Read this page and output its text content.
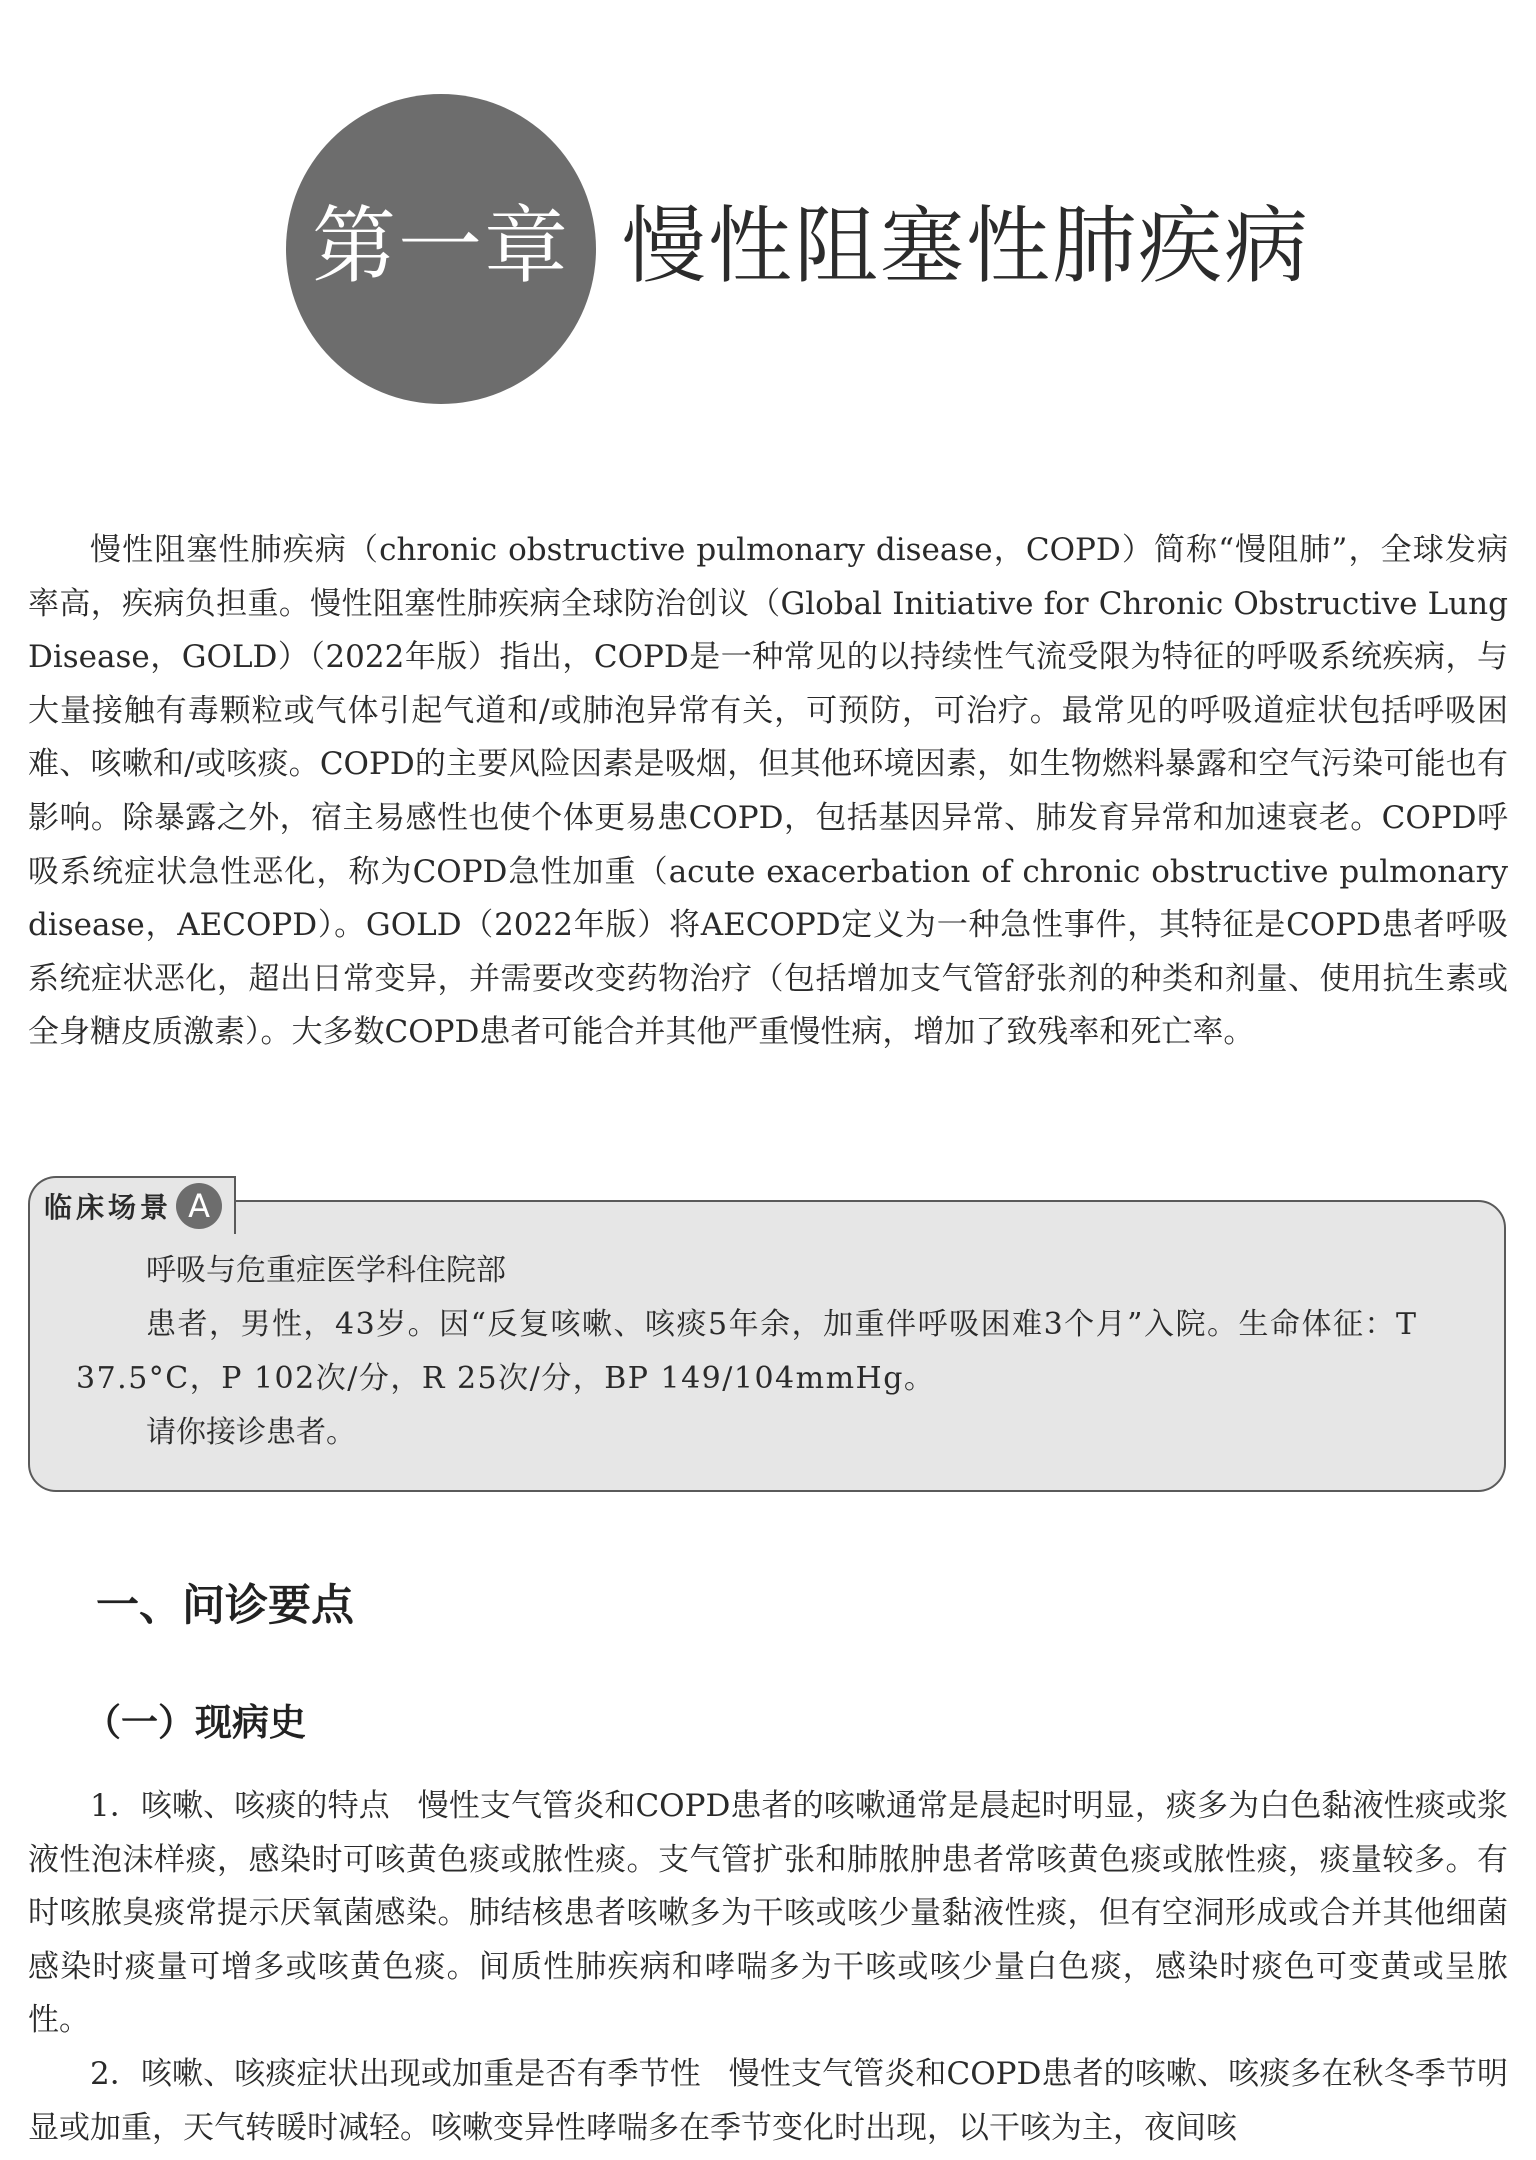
第一章 慢性阻塞性肺疾病

慢性阻塞性肺疾病（chronic obstructive pulmonary disease，COPD）简称“慢阻肺”，全球发病率高，疾病负担重。慢性阻塞性肺疾病全球防治创议（Global Initiative for Chronic Obstructive Lung Disease，GOLD）（2022年版）指出，COPD是一种常见的以持续性气流受限为特征的呼吸系统疾病，与大量接触有毒颗粒或气体引起气道和/或肺泡异常有关，可预防，可治疗。最常见的呼吸道症状包括呼吸困难、咳嗽和/或咳痰。COPD的主要风险因素是吸烟，但其他环境因素，如生物燃料暴露和空气污染可能也有影响。除暴露之外，宿主易感性也使个体更易患COPD，包括基因异常、肺发育异常和加速衰老。COPD呼吸系统症状急性恶化，称为COPD急性加重（acute exacerbation of chronic obstructive pulmonary disease，AECOPD）。GOLD（2022年版）将AECOPD定义为一种急性事件，其特征是COPD患者呼吸系统症状恶化，超出日常变异，并需要改变药物治疗（包括增加支气管舒张剂的种类和剂量、使用抗生素或全身糖皮质激素）。大多数COPD患者可能合并其他严重慢性病，增加了致残率和死亡率。

临床场景 A

呼吸与危重症医学科住院部

患者，男性，43岁。因“反复咳嗽、咳痰5年余，加重伴呼吸困难3个月”入院。生命体征：T 37.5°C，P 102次/分，R 25次/分，BP 149/104mmHg。

请你接诊患者。

一、问诊要点
（一）现病史

1．咳嗽、咳痰的特点 慢性支气管炎和COPD患者的咳嗽通常是晨起时明显，痰多为白色黏液性痰或浆液性泡沫样痰，感染时可咳黄色痰或脓性痰。支气管扩张和肺脓肿患者常咳黄色痰或脓性痰，痰量较多。有时咳脓臭痰常提示厌氧菌感染。肺结核患者咳嗽多为干咳或咳少量黏液性痰，但有空洞形成或合并其他细菌感染时痰量可增多或咳黄色痰。间质性肺疾病和哮喘多为干咳或咳少量白色痰，感染时痰色可变黄或呈脓性。

2．咳嗽、咳痰症状出现或加重是否有季节性 慢性支气管炎和COPD患者的咳嗽、咳痰多在秋冬季节明显或加重，天气转暖时减轻。咳嗽变异性哮喘多在季节变化时出现，以干咳为主，夜间咳
